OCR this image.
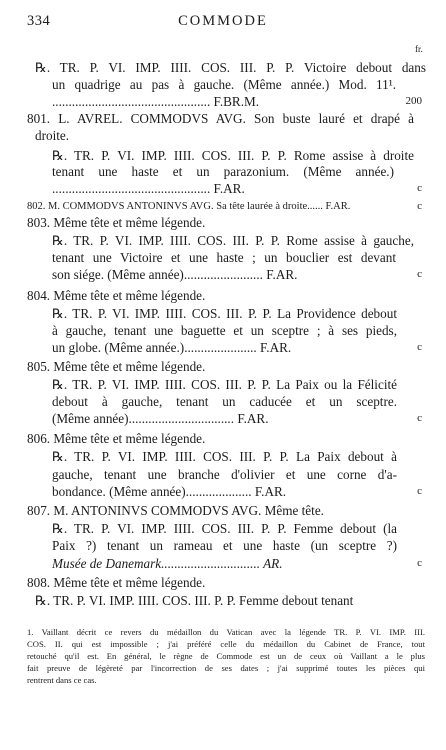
334	COMMODE
fr.
℞. TR. P. VI. IMP. IIII. COS. III. P. P. Victoire debout dans
un quadrige au pas à gauche. (Même année.) Mod. 11¹.
................................................ F.BR.M.	200
801. L. AVREL. COMMODVS AVG. Son buste lauré et drapé à
droite.
℞. TR. P. VI. IMP. IIII. COS. III. P. P. Rome assise à droite
tenant une haste et un parazonium. (Même année.)
................................................ F.AR.	c
802. M. COMMODVS ANTONINVS AVG. Sa tête laurée à droite...... F.AR.	c
803. Même tête et même légende.
℞. TR. P. VI. IMP. IIII. COS. III. P. P. Rome assise à gauche,
tenant une Victoire et une haste ; un bouclier est devant
son siége. (Même année)........................ F.AR.	c
804. Même tête et même légende.
℞. TR. P. VI. IMP. IIII. COS. III. P. P. La Providence debout
à gauche, tenant une baguette et un sceptre ; à ses pieds,
un globe. (Même année.)...................... F.AR.	c
805. Même tête et même légende.
℞. TR. P. VI. IMP. IIII. COS. III. P. P. La Paix ou la Félicité
debout à gauche, tenant un caducée et un sceptre.
(Même année)................................ F.AR.	c
806. Même tête et même légende.
℞. TR. P. VI. IMP. IIII. COS. III. P. P. La Paix debout à
gauche, tenant une branche d'olivier et une corne d'a-
bondance. (Même année).................... F.AR.	c
807. M. ANTONINVS COMMODVS AVG. Même tête.
℞. TR. P. VI. IMP. IIII. COS. III. P. P. Femme debout (la
Paix ?) tenant un rameau et une haste (un sceptre ?)
Musée de Danemark.............................. AR.	c
808. Même tête et même légende.
℞. TR. P. VI. IMP. IIII. COS. III. P. P. Femme debout tenant
1. Vaillant décrit ce revers du médaillon du Vatican avec la légende TR. P. VI. IMP. III.
COS. II. qui est impossible ; j'ai préféré celle du médaillon du Cabinet de France, tout
retouché qu'il est. En général, le règne de Commode est un de ceux où Vaillant a le plus
fait preuve de légèreté par l'incorrection de ses dates ; j'ai supprimé toutes les pièces qui
rentrent dans ce cas.
